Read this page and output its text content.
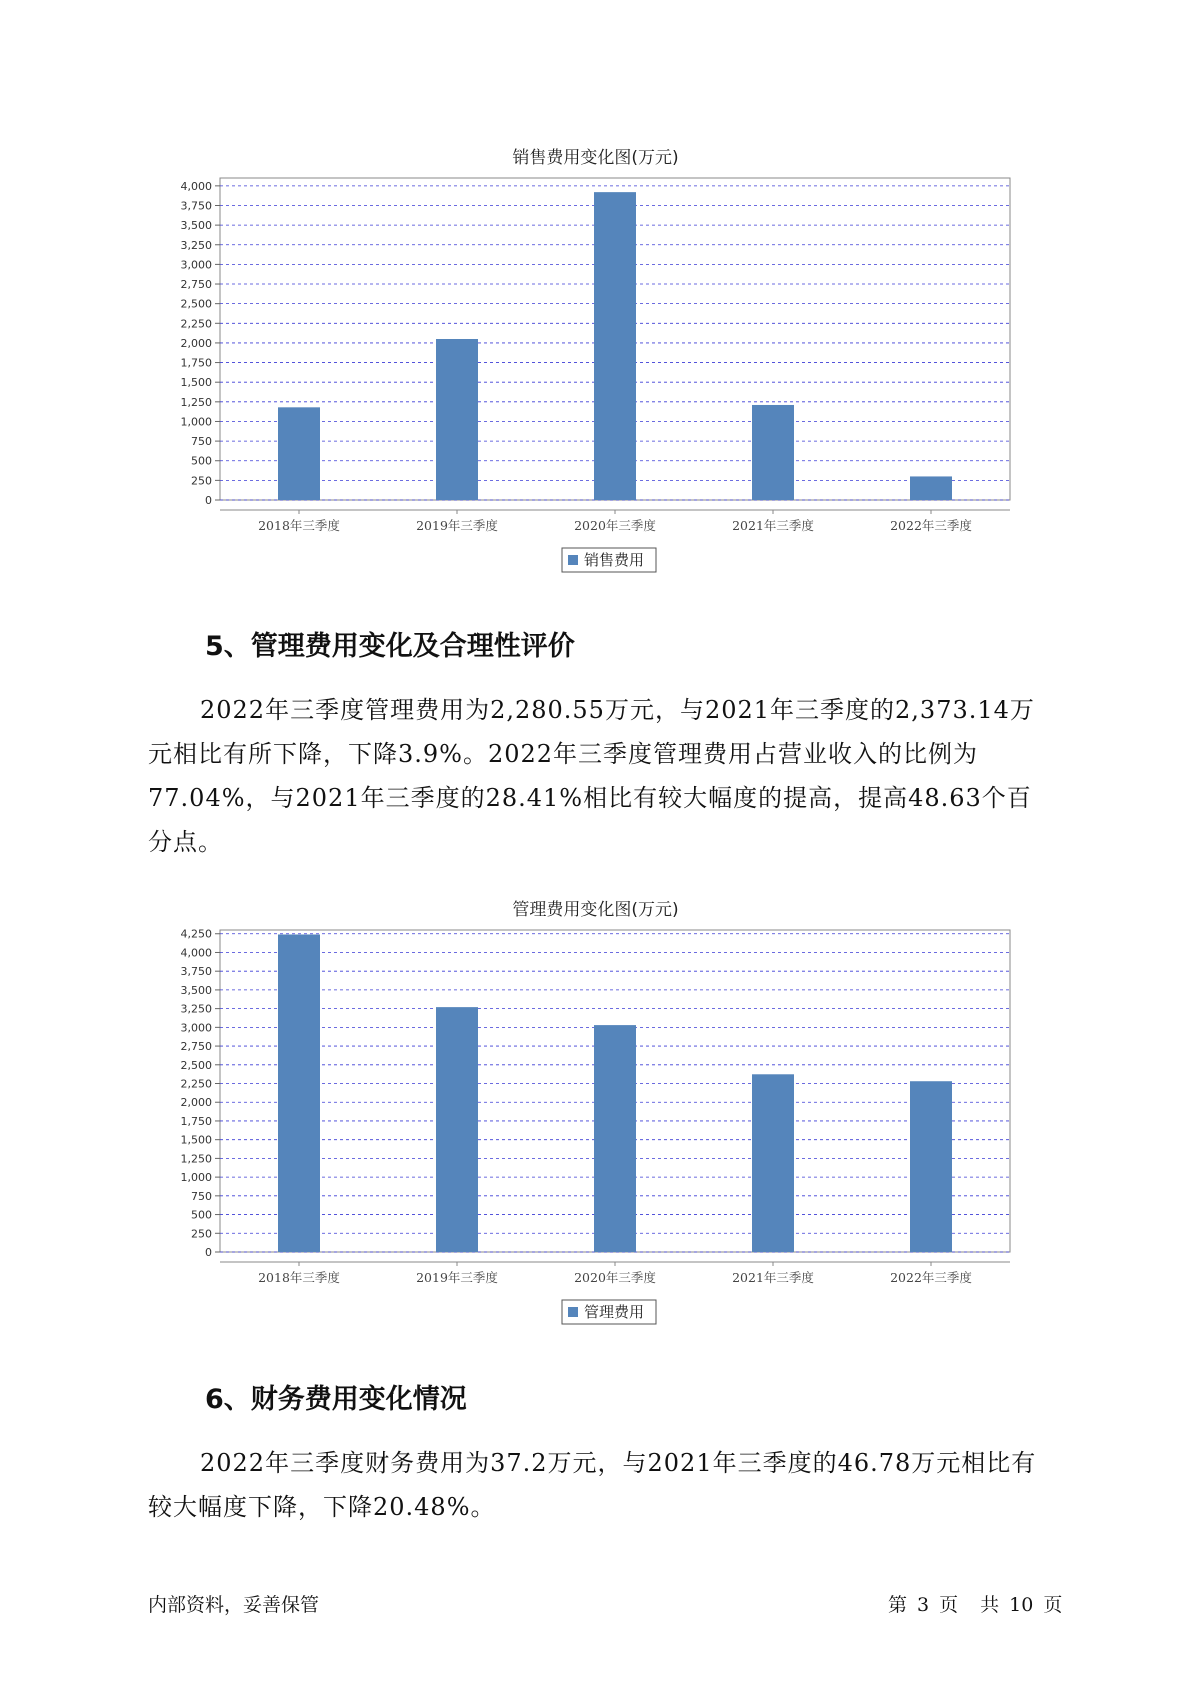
销售费用变化图(万元)
0
250
500
750
1,000
1,250
1,500
1,750
2,000
2,250
2,500
2,750
3,000
3,250
3,500
3,750
4,000
2018年三季度	2019年三季度	2020年三季度	2021年三季度	2022年三季度
销售费用
5、管理费用变化及合理性评价

2022年三季度管理费用为2,280.55万元，与2021年三季度的2,373.14万元相比有所下降，下降3.9%。2022年三季度管理费用占营业收入的比例为77.04%，与2021年三季度的28.41%相比有较大幅度的提高，提高48.63个百分点。

管理费用变化图(万元)
0
250
500
750
1,000
1,250
1,500
1,750
2,000
2,250
2,500
2,750
3,000
3,250
3,500
3,750
4,000
4,250
2018年三季度	2019年三季度	2020年三季度	2021年三季度	2022年三季度
管理费用
6、财务费用变化情况

2022年三季度财务费用为37.2万元，与2021年三季度的46.78万元相比有较大幅度下降，下降20.48%。

内部资料，妥善保管	第 3 页 共 10 页
